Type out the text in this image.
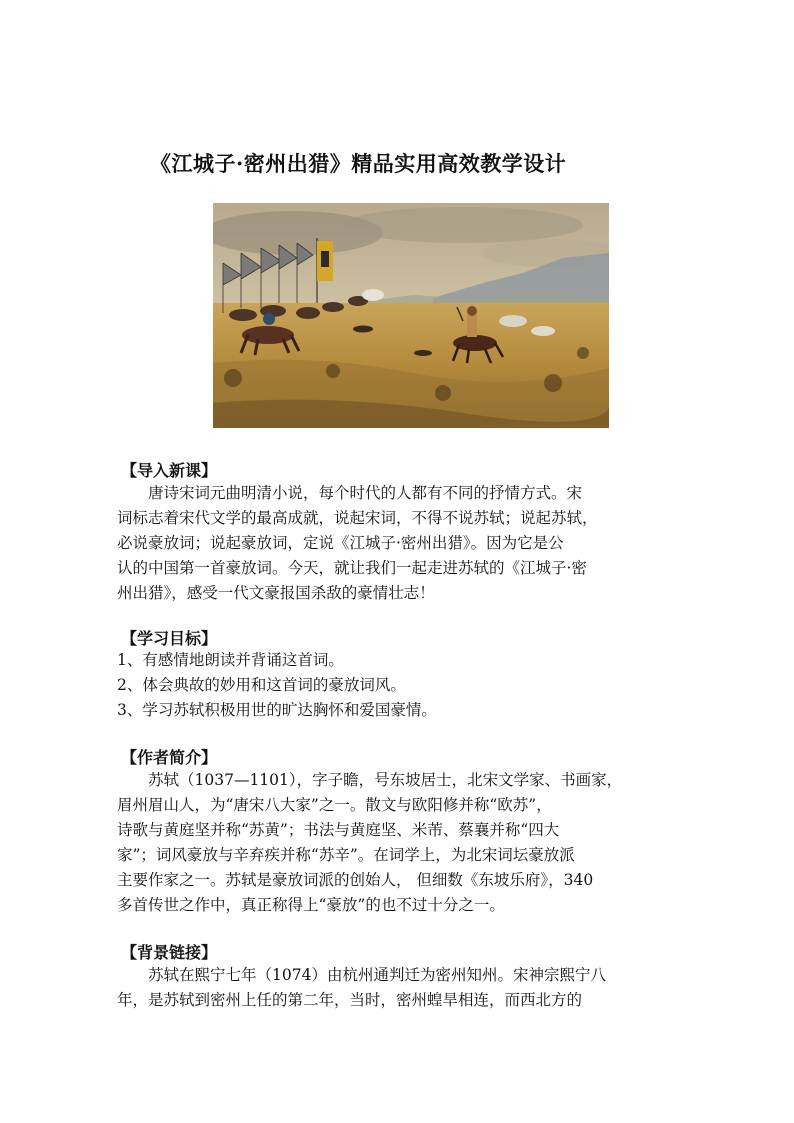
《江城子·密州出猎》精品实用高效教学设计
【导入新课】
唐诗宋词元曲明清小说，每个时代的人都有不同的抒情方式。宋
词标志着宋代文学的最高成就，说起宋词，不得不说苏轼；说起苏轼，
必说豪放词；说起豪放词，定说《江城子·密州出猎》。因为它是公
认的中国第一首豪放词。今天，就让我们一起走进苏轼的《江城子·密
州出猎》，感受一代文豪报国杀敌的豪情壮志！
【学习目标】
1、有感情地朗读并背诵这首词。
2、体会典故的妙用和这首词的豪放词风。
3、学习苏轼积极用世的旷达胸怀和爱国豪情。
【作者简介】
苏轼（1037—1101），字子瞻，号东坡居士，北宋文学家、书画家，
眉州眉山人，为“唐宋八大家”之一。散文与欧阳修并称“欧苏”，
诗歌与黄庭坚并称“苏黄”；书法与黄庭坚、米芾、蔡襄并称“四大
家”；词风豪放与辛弃疾并称“苏辛”。在词学上，为北宋词坛豪放派
主要作家之一。苏轼是豪放词派的创始人， 但细数《东坡乐府》，340
多首传世之作中，真正称得上“豪放”的也不过十分之一。
【背景链接】
苏轼在熙宁七年（1074）由杭州通判迁为密州知州。宋神宗熙宁八
年，是苏轼到密州上任的第二年，当时，密州蝗旱相连，而西北方的
